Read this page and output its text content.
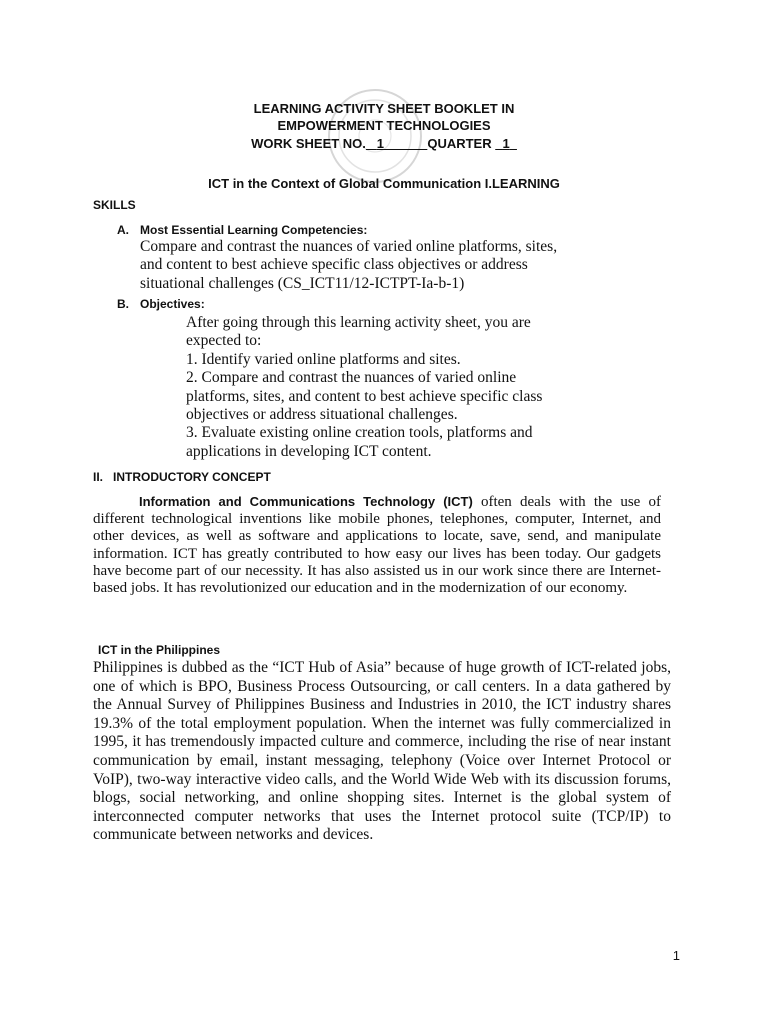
LEARNING ACTIVITY SHEET BOOKLET IN
EMPOWERMENT TECHNOLOGIES
WORK SHEET NO. 1	QUARTER 1
ICT in the Context of Global Communication I.LEARNING
SKILLS
A. Most Essential Learning Competencies:
Compare and contrast the nuances of varied online platforms, sites,
and content to best achieve specific class objectives or address
situational challenges (CS_ICT11/12-ICTPT-Ia-b-1)
B. Objectives:
After going through this learning activity sheet, you are
expected to:
1. Identify varied online platforms and sites.
2. Compare and contrast the nuances of varied online
platforms, sites, and content to best achieve specific class
objectives or address situational challenges.
3. Evaluate existing online creation tools, platforms and
applications in developing ICT content.
II.   INTRODUCTORY CONCEPT
Information and Communications Technology (ICT) often deals with the use of different technological inventions like mobile phones, telephones, computer, Internet, and other devices, as well as software and applications to locate, save, send, and manipulate information. ICT has greatly contributed to how easy our lives has been today. Our gadgets have become part of our necessity. It has also assisted us in our work since there are Internet-based jobs. It has revolutionized our education and in the modernization of our economy.
ICT in the Philippines
Philippines is dubbed as the “ICT Hub of Asia” because of huge growth of ICT-related jobs, one of which is BPO, Business Process Outsourcing, or call centers. In a data gathered by the Annual Survey of Philippines Business and Industries in 2010, the ICT industry shares 19.3% of the total employment population. When the internet was fully commercialized in 1995, it has tremendously impacted culture and commerce, including the rise of near instant communication by email, instant messaging, telephony (Voice over Internet Protocol or VoIP), two-way interactive video calls, and the World Wide Web with its discussion forums, blogs, social networking, and online shopping sites. Internet is the global system of interconnected computer networks that uses the Internet protocol suite (TCP/IP) to communicate between networks and devices.
1
